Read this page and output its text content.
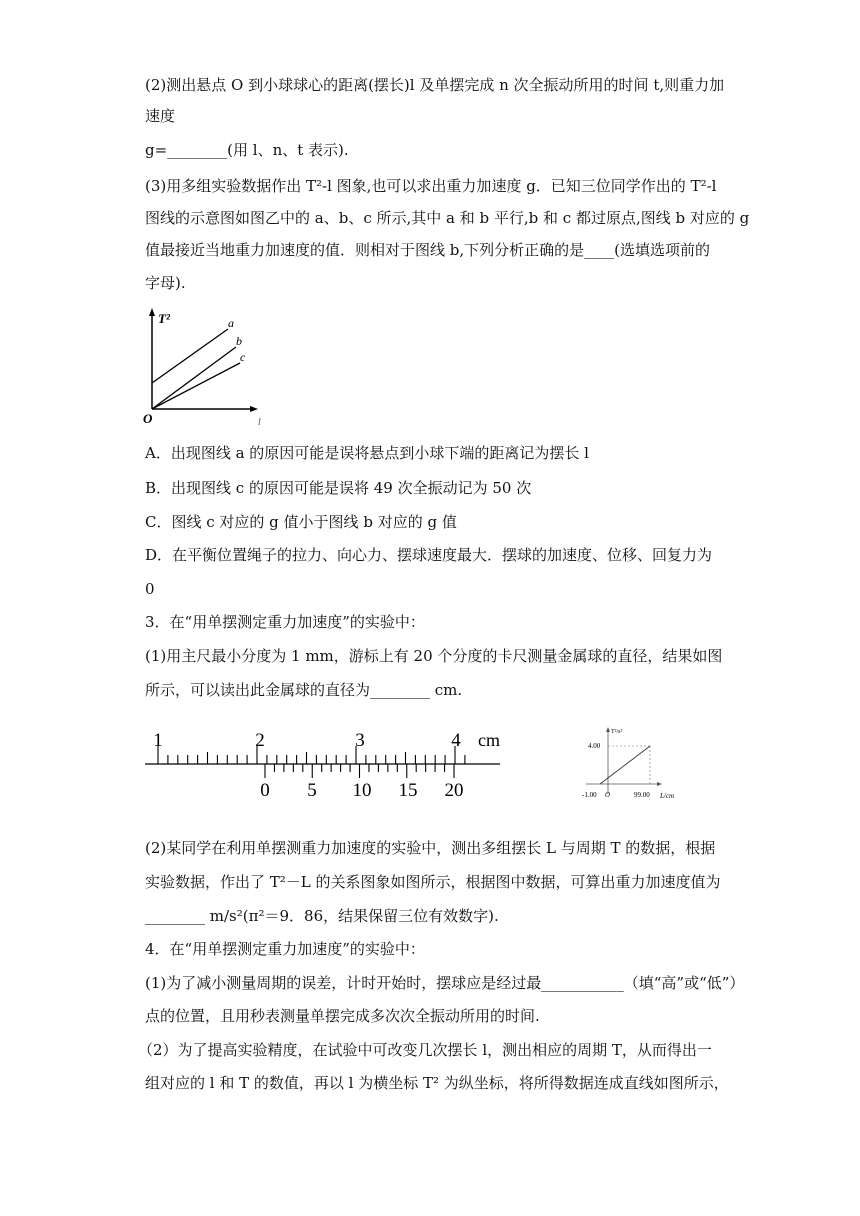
(2)测出悬点 O 到小球球心的距离(摆长)l 及单摆完成 n 次全振动所用的时间 t,则重力加
速度
g=________(用 l、n、t 表示).
(3)用多组实验数据作出 T²-l 图象,也可以求出重力加速度 g．已知三位同学作出的 T²-l
图线的示意图如图乙中的 a、b、c 所示,其中 a 和 b 平行,b 和 c 都过原点,图线 b 对应的 g
值最接近当地重力加速度的值．则相对于图线 b,下列分析正确的是____(选填选项前的
字母).
T²
l
O
a
b
c
A．出现图线 a 的原因可能是误将悬点到小球下端的距离记为摆长 l
B．出现图线 c 的原因可能是误将 49 次全振动记为 50 次
C．图线 c 对应的 g 值小于图线 b 对应的 g 值
D．在平衡位置绳子的拉力、向心力、摆球速度最大．摆球的加速度、位移、回复力为
0
3．在“用单摆测定重力加速度”的实验中：
(1)用主尺最小分度为 1 mm，游标上有 20 个分度的卡尺测量金属球的直径，结果如图
所示，可以读出此金属球的直径为________ cm.
1	2	3	4 cm
0 5 10 15 20
T²/s²
4.00
-1.00 O	99.00 L/cm
(2)某同学在利用单摆测重力加速度的实验中，测出多组摆长 L 与周期 T 的数据，根据
实验数据，作出了 T²－L 的关系图象如图所示，根据图中数据，可算出重力加速度值为
________ m/s²(π²＝9．86，结果保留三位有效数字).
4．在“用单摆测定重力加速度”的实验中：
(1)为了减小测量周期的误差，计时开始时，摆球应是经过最___________（填“高”或“低”）
点的位置，且用秒表测量单摆完成多次次全振动所用的时间.
（2）为了提高实验精度，在试验中可改变几次摆长 l，测出相应的周期 T，从而得出一
组对应的 l 和 T 的数值，再以 l 为横坐标 T² 为纵坐标，将所得数据连成直线如图所示，
